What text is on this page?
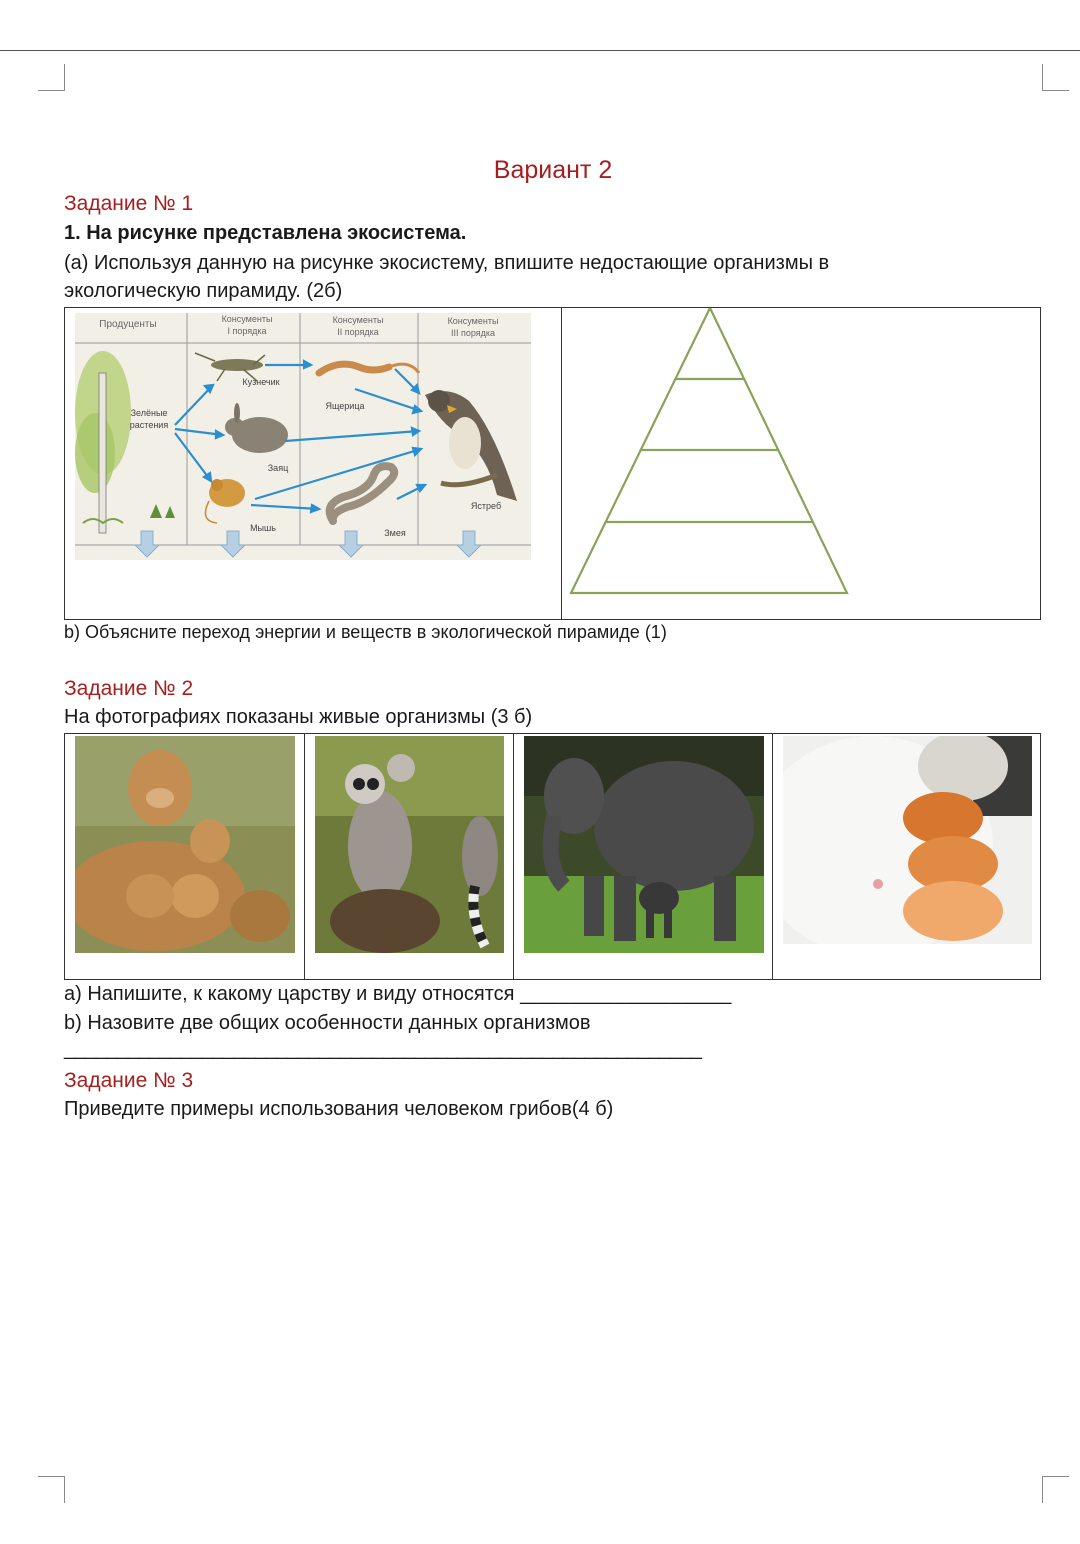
Вариант 2
Задание № 1
1. На рисунке представлена экосистема.
(а) Используя данную на рисунке экосистему, впишите недостающие организмы в
экологическую пирамиду. (2б)
Продуценты	Консументы
I порядка
Консументы
II порядка
Консументы
III порядка
Зелёные
растения
Кузнечик
Заяц
Мышь
Ящерица
Змея
Ястреб
b) Объясните переход энергии и веществ в экологической пирамиде (1)
Задание № 2
На фотографиях показаны живые организмы (3 б)
а) Напишите, к какому царству и виду относятся ___________________
b) Назовите две общих особенности данных организмов
____________________________________________________________
Задание № 3
Приведите примеры использования человеком грибов(4 б)
